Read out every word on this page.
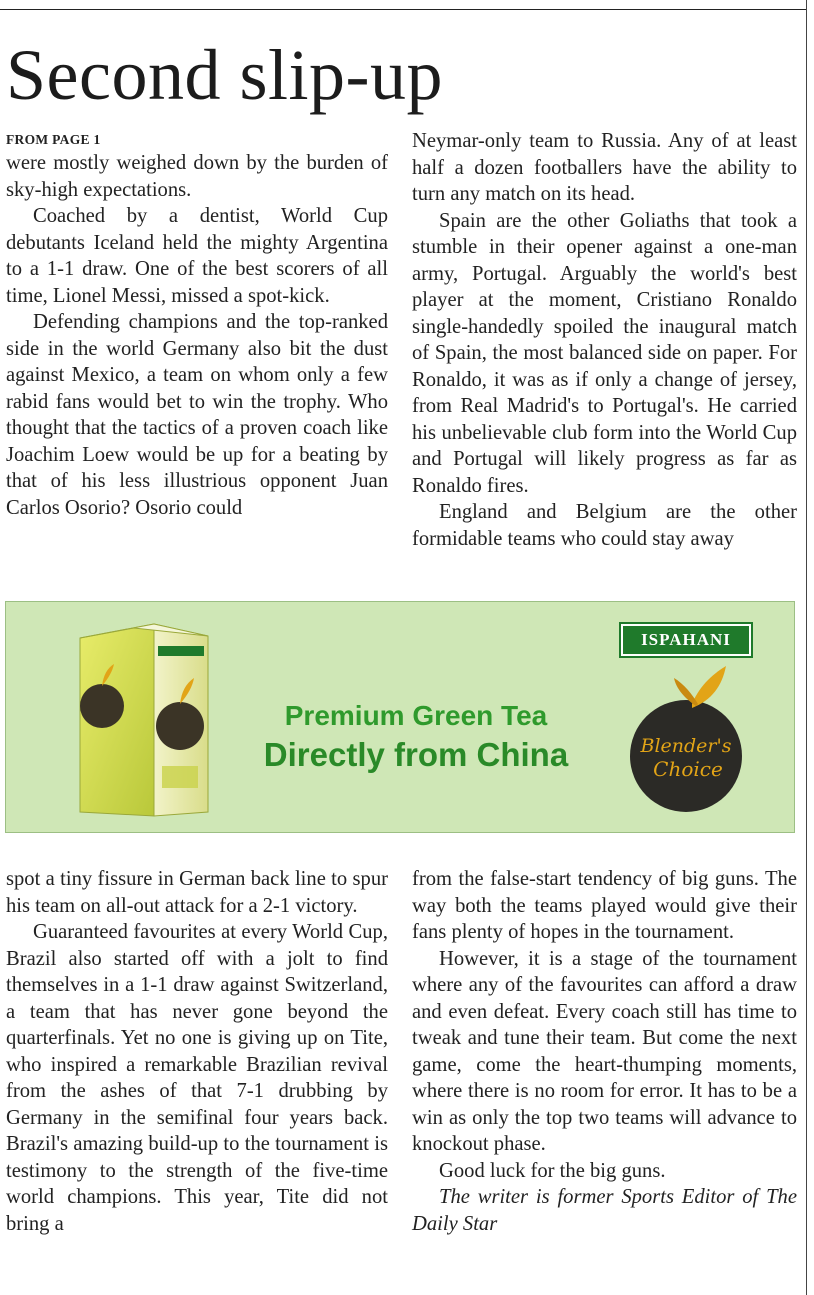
Second slip-up

FROM PAGE 1

were mostly weighed down by the burden of sky-high expectations.

Coached by a dentist, World Cup debutants Iceland held the mighty Argentina to a 1-1 draw. One of the best scorers of all time, Lionel Messi, missed a spot-kick.

Defending champions and the top-ranked side in the world Germany also bit the dust against Mexico, a team on whom only a few rabid fans would bet to win the trophy. Who thought that the tactics of a proven coach like Joachim Loew would be up for a beating by that of his less illustrious opponent Juan Carlos Osorio? Osorio could

Neymar-only team to Russia. Any of at least half a dozen footballers have the ability to turn any match on its head.

Spain are the other Goliaths that took a stumble in their opener against a one-man army, Portugal. Arguably the world's best player at the moment, Cristiano Ronaldo single-handedly spoiled the inaugural match of Spain, the most balanced side on paper. For Ronaldo, it was as if only a change of jersey, from Real Madrid's to Portugal's. He carried his unbelievable club form into the World Cup and Portugal will likely progress as far as Ronaldo fires.

England and Belgium are the other formidable teams who could stay away

Premium Green Tea
Directly from China
ISPAHANI
Blender's
Choice

spot a tiny fissure in German back line to spur his team on all-out attack for a 2-1 victory.

Guaranteed favourites at every World Cup, Brazil also started off with a jolt to find themselves in a 1-1 draw against Switzerland, a team that has never gone beyond the quarterfinals. Yet no one is giving up on Tite, who inspired a remarkable Brazilian revival from the ashes of that 7-1 drubbing by Germany in the semifinal four years back. Brazil's amazing build-up to the tournament is testimony to the strength of the five-time world champions. This year, Tite did not bring a

from the false-start tendency of big guns. The way both the teams played would give their fans plenty of hopes in the tournament.

However, it is a stage of the tournament where any of the favourites can afford a draw and even defeat. Every coach still has time to tweak and tune their team. But come the next game, come the heart-thumping moments, where there is no room for error. It has to be a win as only the top two teams will advance to knockout phase.

Good luck for the big guns.

The writer is former Sports Editor of The Daily Star
